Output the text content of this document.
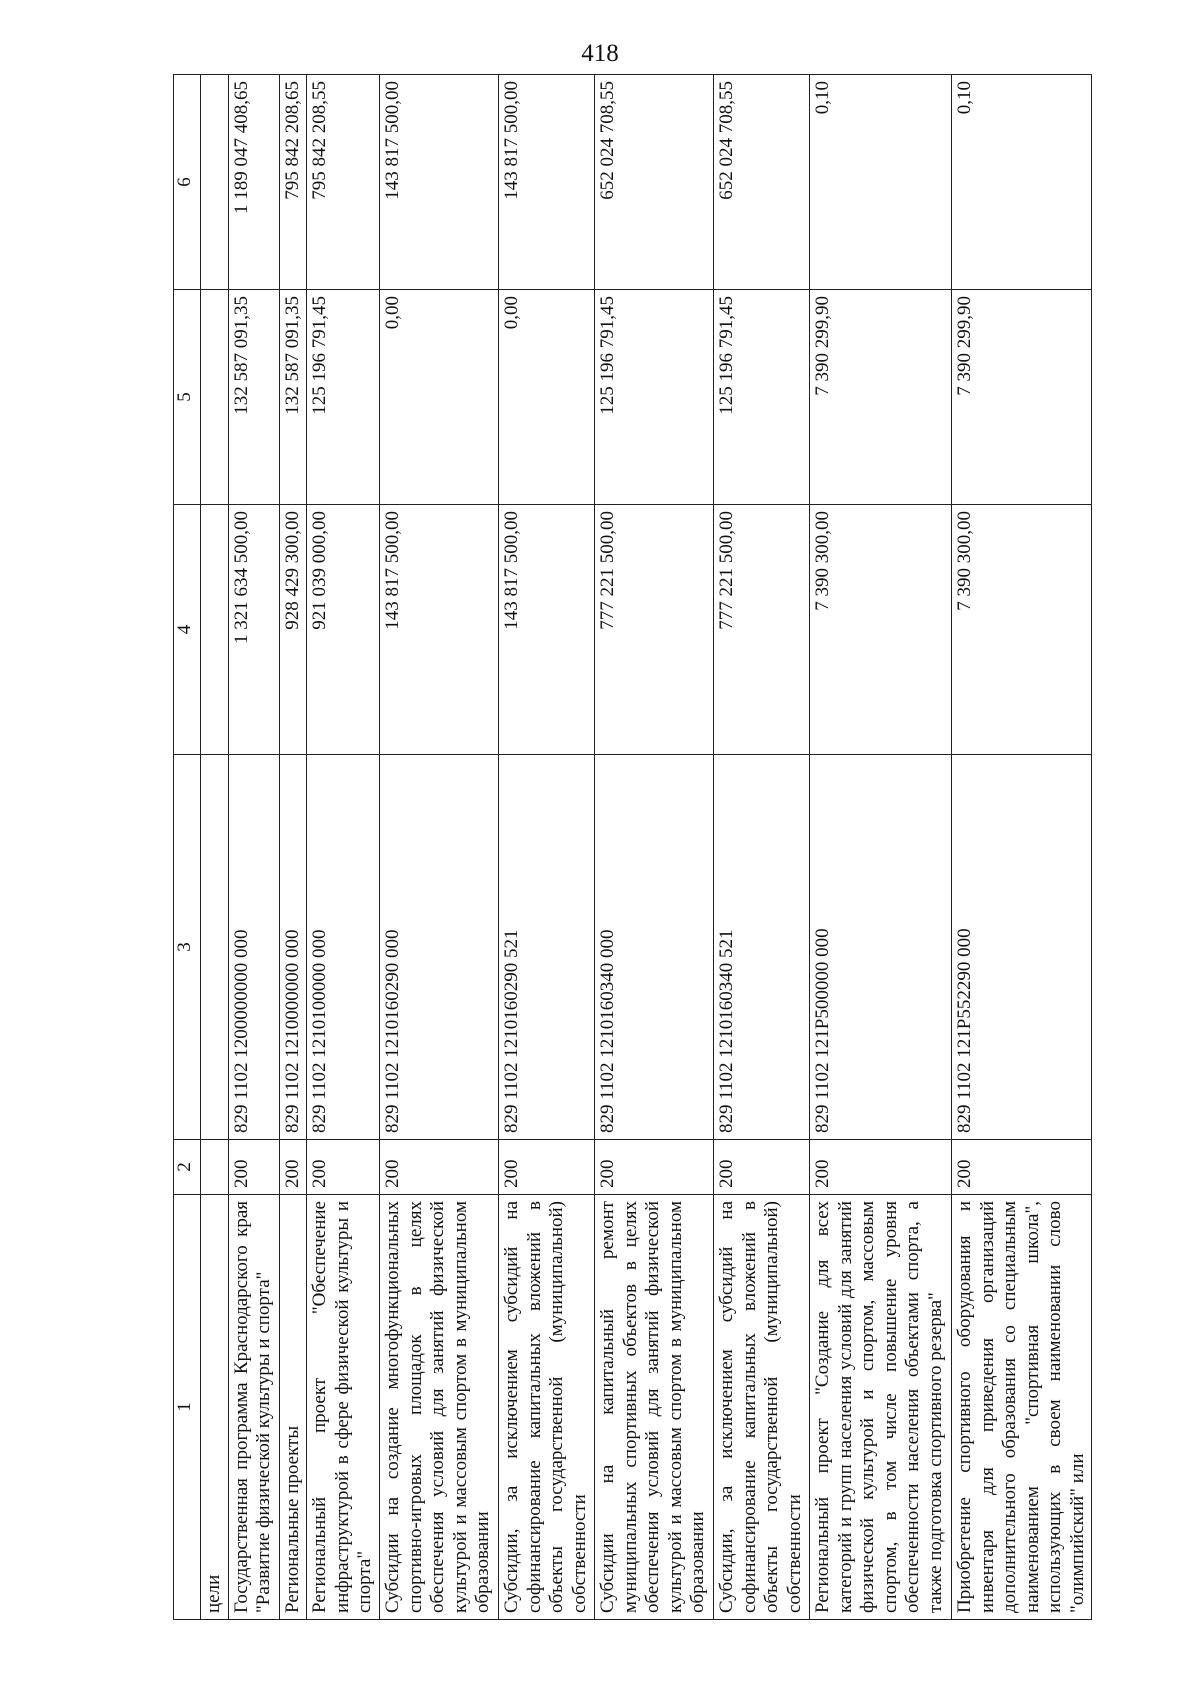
418
1	2	3	4	5	6
цели					
Государственная программа Краснодарского края "Развитие физической культуры и спорта"	200	829 1102 1200000000 000	1 321 634 500,00	132 587 091,35	1 189 047 408,65
Региональные проекты	200	829 1102 1210000000 000	928 429 300,00	132 587 091,35	795 842 208,65
Региональный проект "Обеспечение инфраструктурой в сфере физической культуры и спорта"	200	829 1102 1210100000 000	921 039 000,00	125 196 791,45	795 842 208,55
Субсидии на создание многофункциональных спортивно-игровых площадок в целях обеспечения условий для занятий физической культурой и массовым спортом в муниципальном образовании	200	829 1102 1210160290 000	143 817 500,00	0,00	143 817 500,00
Субсидии, за исключением субсидий на софинансирование капитальных вложений в объекты государственной (муниципальной) собственности	200	829 1102 1210160290 521	143 817 500,00	0,00	143 817 500,00
Субсидии на капитальный ремонт муниципальных спортивных объектов в целях обеспечения условий для занятий физической культурой и массовым спортом в муниципальном образовании	200	829 1102 1210160340 000	777 221 500,00	125 196 791,45	652 024 708,55
Субсидии, за исключением субсидий на софинансирование капитальных вложений в объекты государственной (муниципальной) собственности	200	829 1102 1210160340 521	777 221 500,00	125 196 791,45	652 024 708,55
Региональный проект "Создание для всех категорий и групп населения условий для занятий физической культурой и спортом, массовым спортом, в том числе повышение уровня обеспеченности населения объектами спорта, а также подготовка спортивного резерва"	200	829 1102 121P500000 000	7 390 300,00	7 390 299,90	0,10
Приобретение спортивного оборудования и инвентаря для приведения организаций дополнительного образования со специальным наименованием "спортивная школа", использующих в своем наименовании слово "олимпийский" или	200	829 1102 121P552290 000	7 390 300,00	7 390 299,90	0,10
